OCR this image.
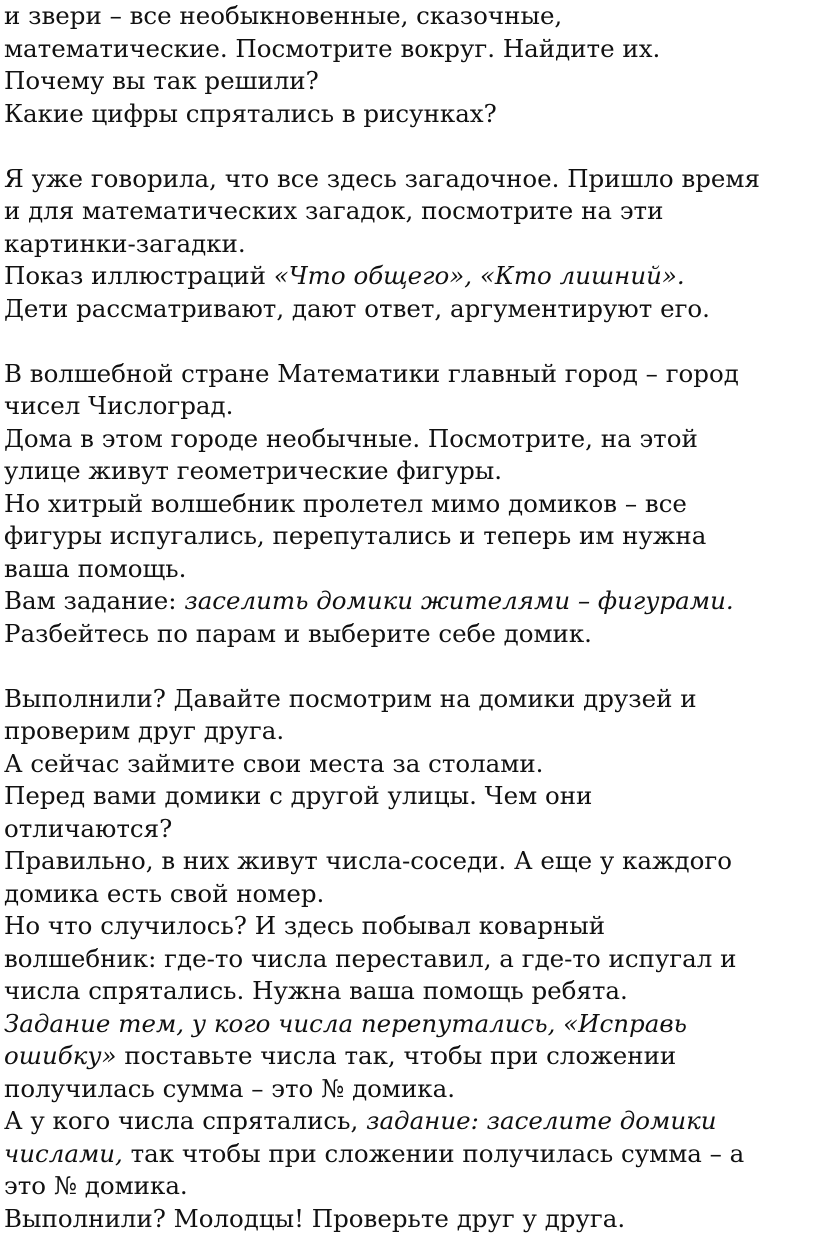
и звери – все необыкновенные, сказочные,
математические. Посмотрите вокруг. Найдите их.
Почему вы так решили?
Какие цифры спрятались в рисунках?
Я уже говорила, что все здесь загадочное. Пришло время
и для математических загадок, посмотрите на эти
картинки-загадки.
Показ иллюстраций «Что общего», «Кто лишний».
Дети рассматривают, дают ответ, аргументируют его.
В волшебной стране Математики главный город – город
чисел Числоград.
Дома в этом городе необычные. Посмотрите, на этой
улице живут геометрические фигуры.
Но хитрый волшебник пролетел мимо домиков – все
фигуры испугались, перепутались и теперь им нужна
ваша помощь.
Вам задание: заселить домики жителями – фигурами.
Разбейтесь по парам и выберите себе домик.
Выполнили? Давайте посмотрим на домики друзей и
проверим друг друга.
А сейчас займите свои места за столами.
Перед вами домики с другой улицы. Чем они
отличаются?
Правильно, в них живут числа-соседи. А еще у каждого
домика есть свой номер.
Но что случилось? И здесь побывал коварный
волшебник: где-то числа переставил, а где-то испугал и
числа спрятались. Нужна ваша помощь ребята.
Задание тем, у кого числа перепутались, «Исправь
ошибку» поставьте числа так, чтобы при сложении
получилась сумма – это № домика.
А у кого числа спрятались, задание: заселите домики
числами, так чтобы при сложении получилась сумма – а
это № домика.
Выполнили? Молодцы! Проверьте друг у друга.
